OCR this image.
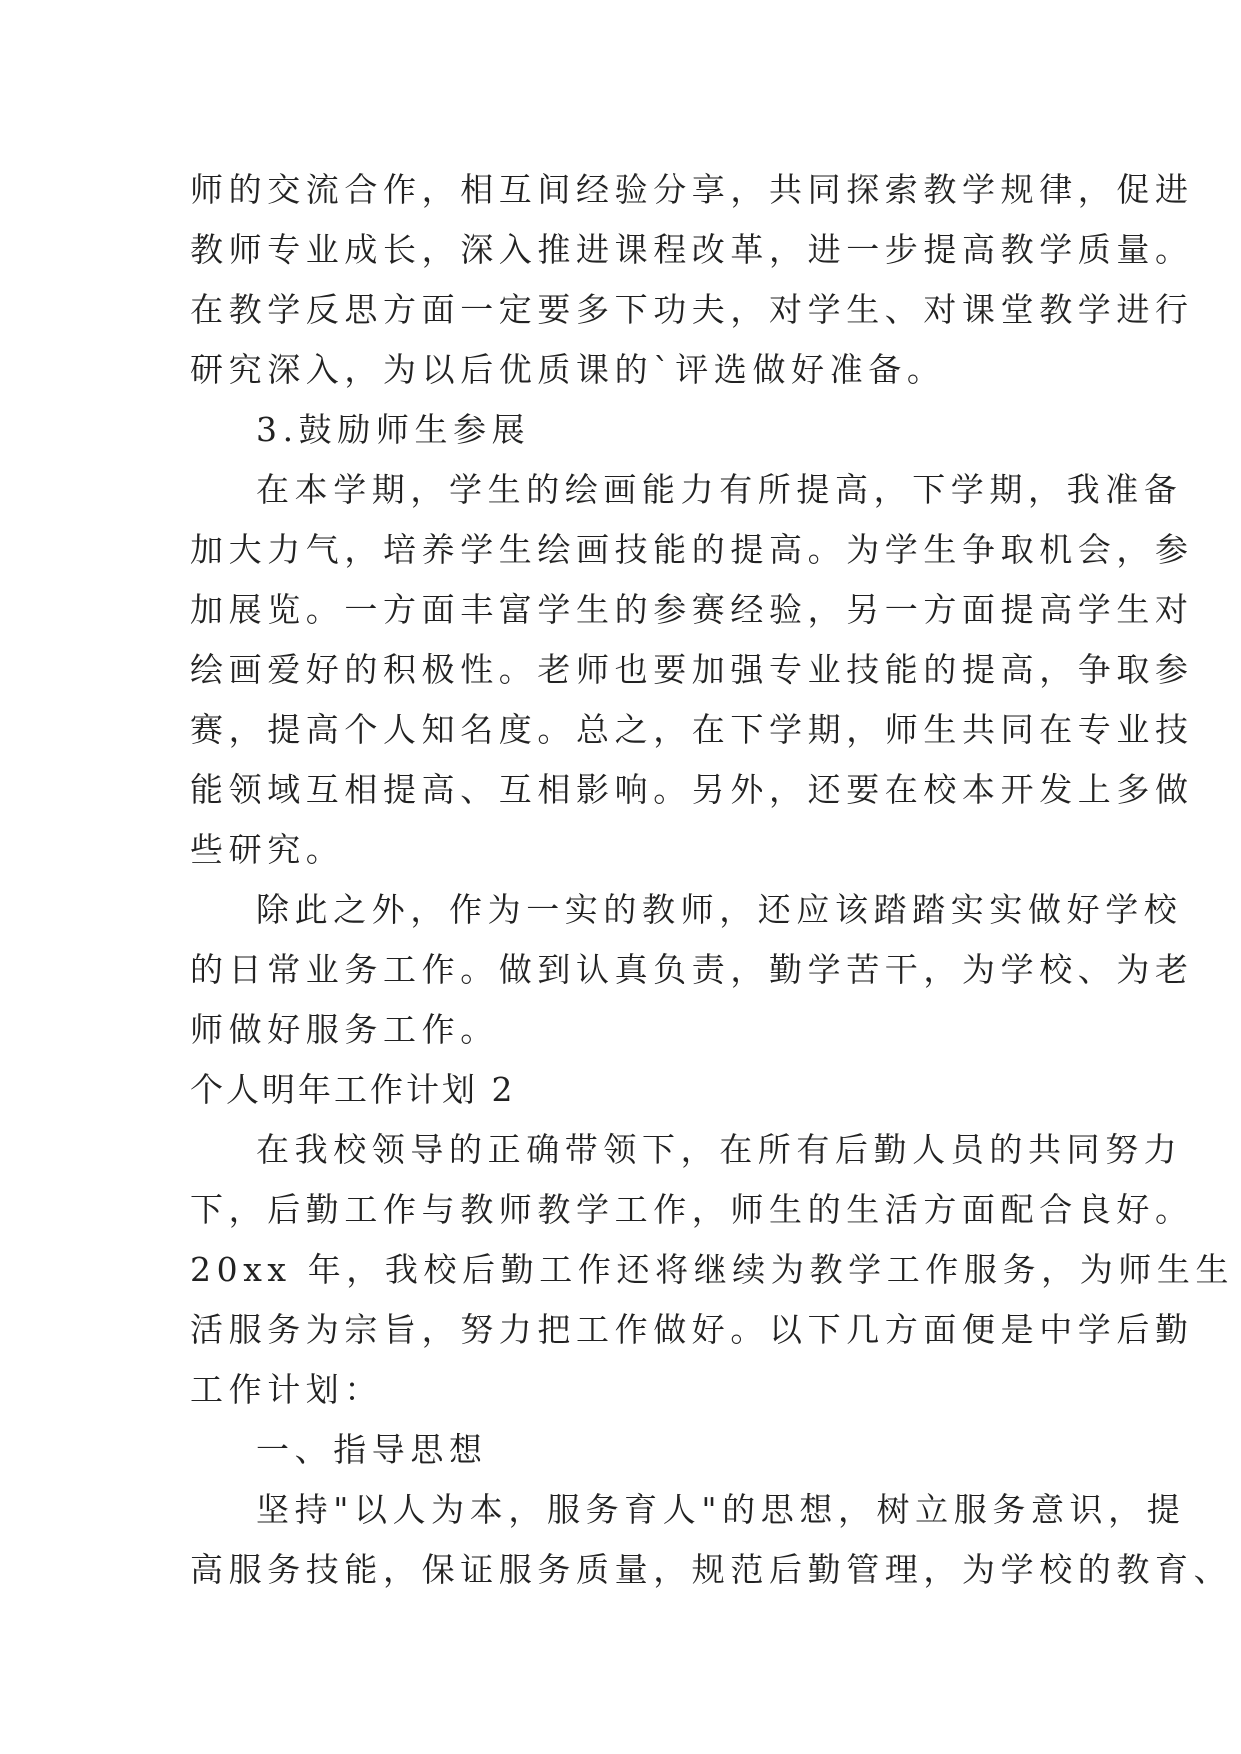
师的交流合作，相互间经验分享，共同探索教学规律，促进
教师专业成长，深入推进课程改革，进一步提高教学质量。
在教学反思方面一定要多下功夫，对学生、对课堂教学进行
研究深入，为以后优质课的`评选做好准备。
3.鼓励师生参展
在本学期，学生的绘画能力有所提高，下学期，我准备
加大力气，培养学生绘画技能的提高。为学生争取机会，参
加展览。一方面丰富学生的参赛经验，另一方面提高学生对
绘画爱好的积极性。老师也要加强专业技能的提高，争取参
赛，提高个人知名度。总之，在下学期，师生共同在专业技
能领域互相提高、互相影响。另外，还要在校本开发上多做
些研究。
除此之外，作为一实的教师，还应该踏踏实实做好学校
的日常业务工作。做到认真负责，勤学苦干，为学校、为老
师做好服务工作。
个人明年工作计划 2
在我校领导的正确带领下，在所有后勤人员的共同努力
下，后勤工作与教师教学工作，师生的生活方面配合良好。
20xx 年，我校后勤工作还将继续为教学工作服务，为师生生
活服务为宗旨，努力把工作做好。以下几方面便是中学后勤
工作计划：
一、指导思想
坚持"以人为本，服务育人"的思想，树立服务意识，提
高服务技能，保证服务质量，规范后勤管理，为学校的教育、
